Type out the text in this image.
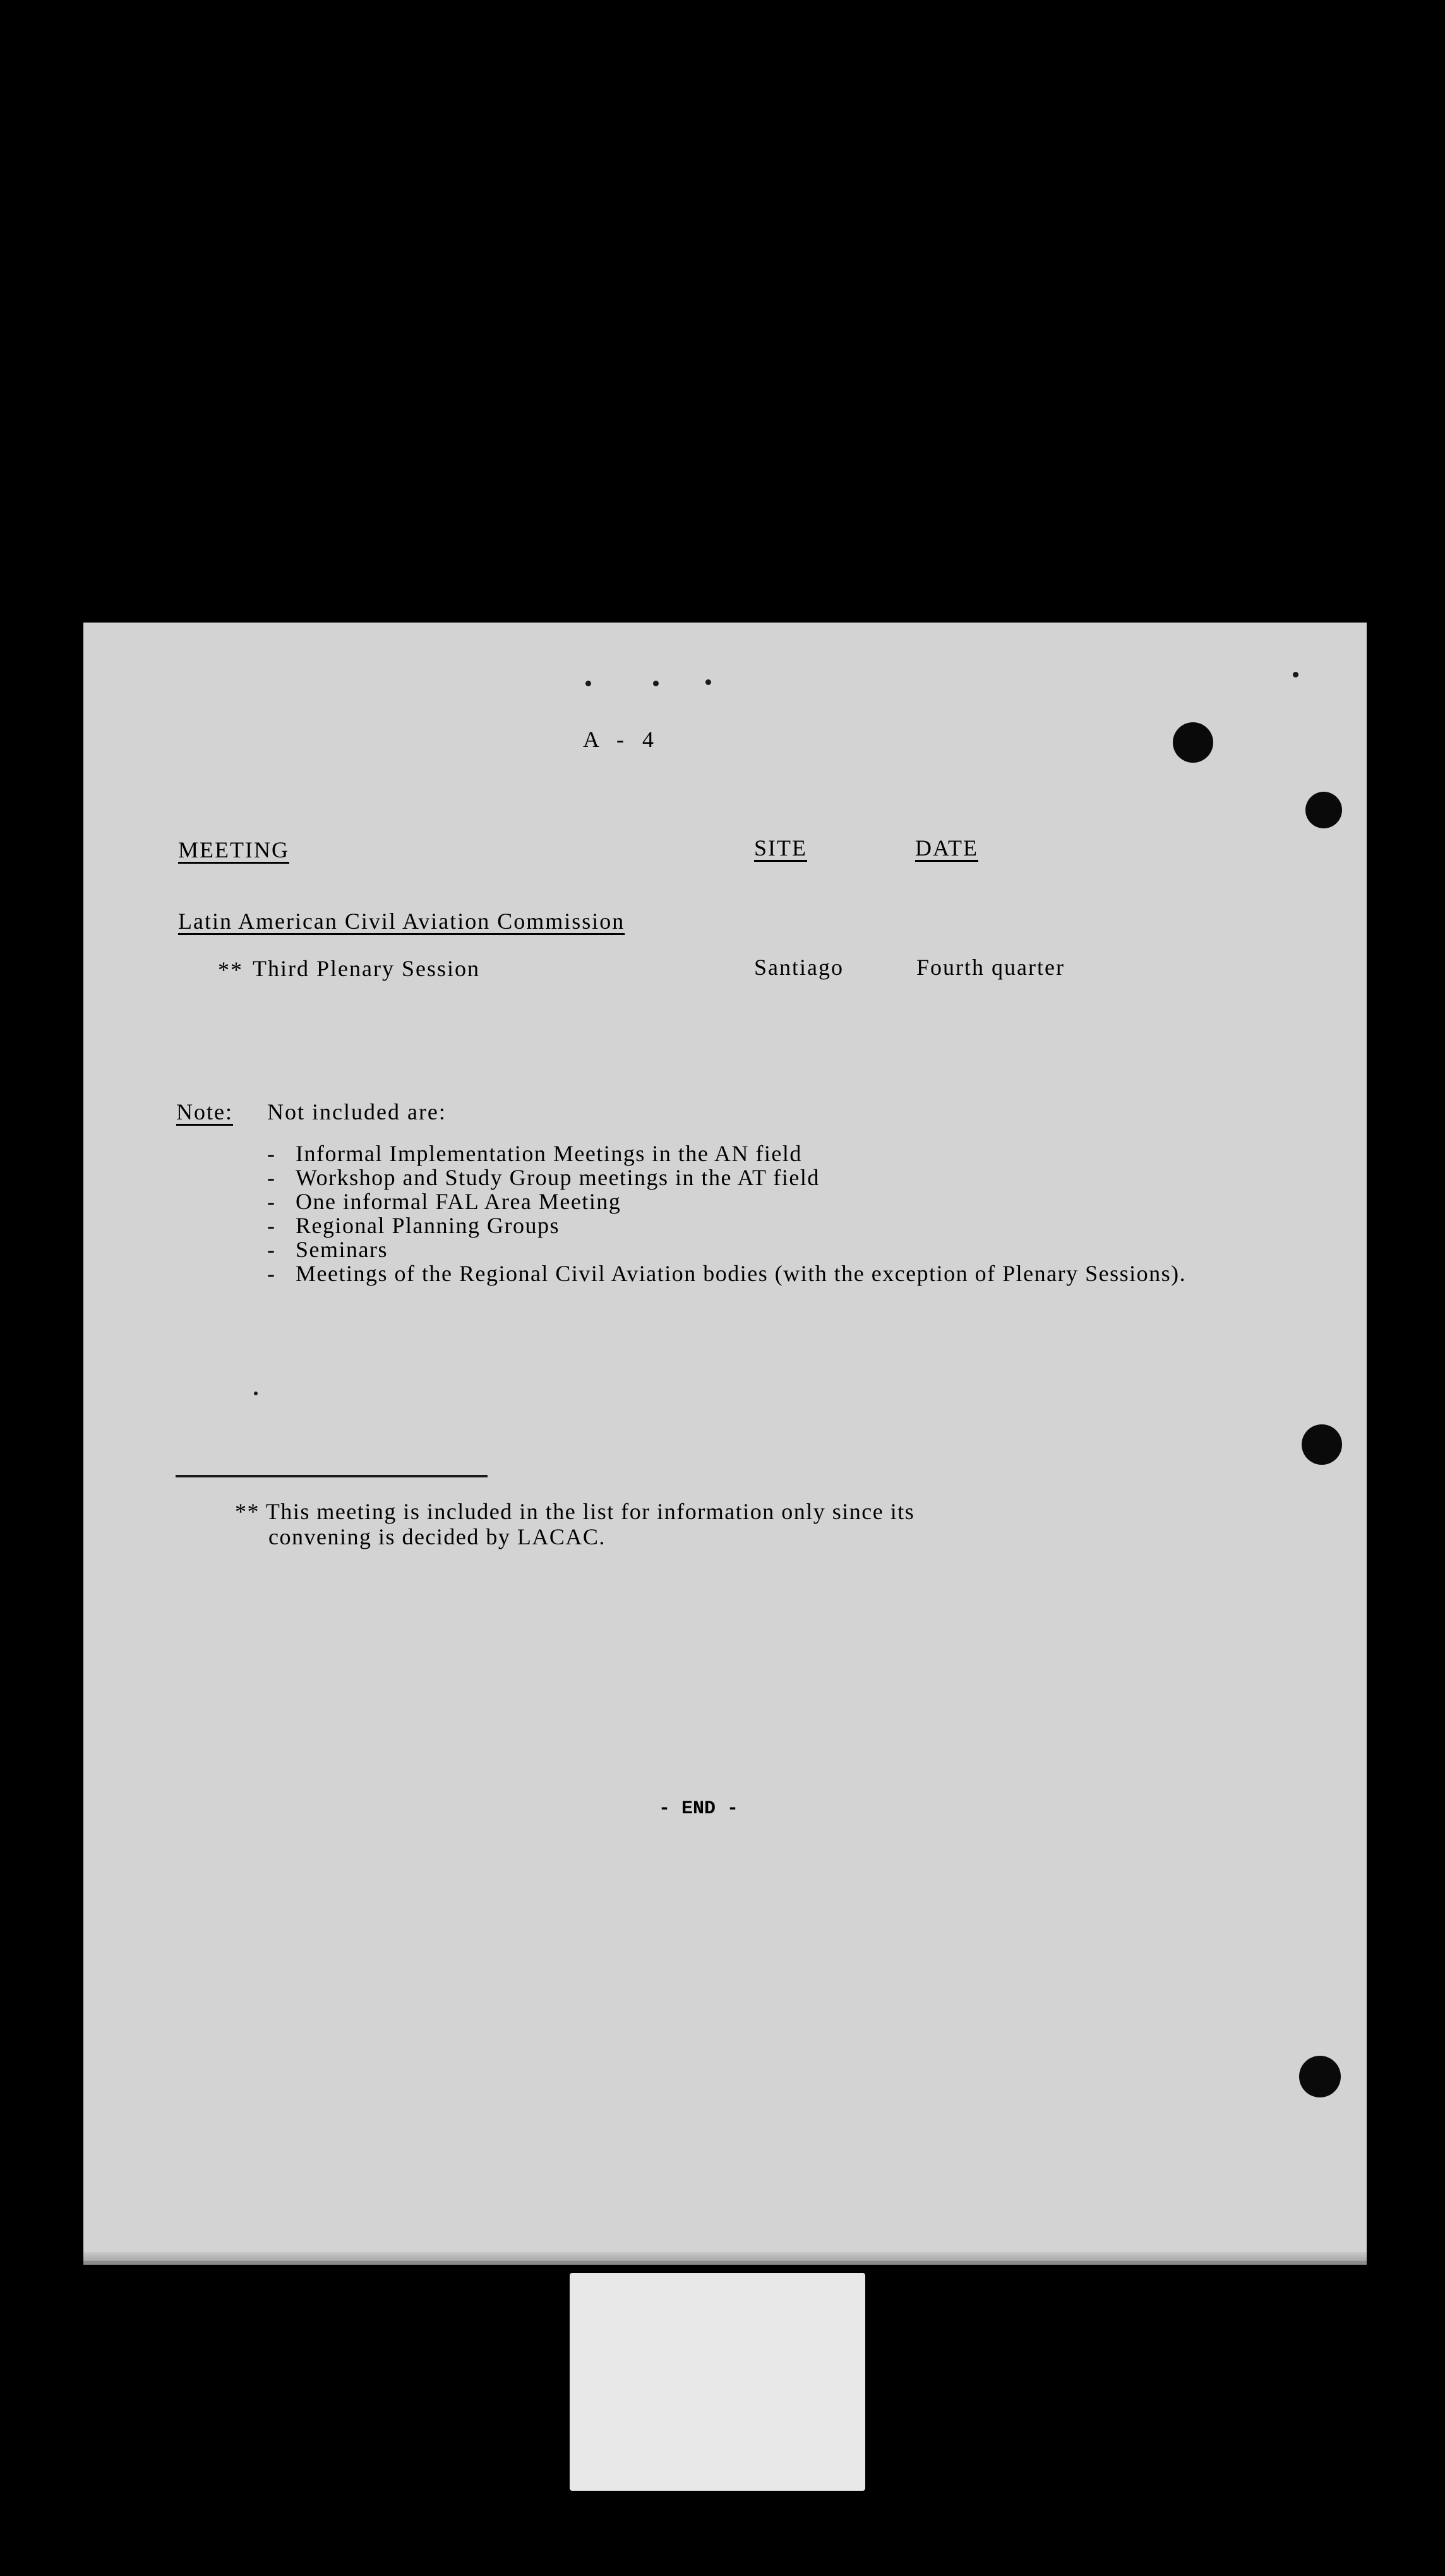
A - 4
MEETING	SITE	DATE
Latin American Civil Aviation Commission
** Third Plenary Session	Santiago	Fourth quarter
Note: Not included are:
- Informal Implementation Meetings in the AN field
- Workshop and Study Group meetings in the AT field
- One informal FAL Area Meeting
- Regional Planning Groups
- Seminars
- Meetings of the Regional Civil Aviation bodies (with the exception of Plenary Sessions).
** This meeting is included in the list for information only since its
convening is decided by LACAC.
- END -
